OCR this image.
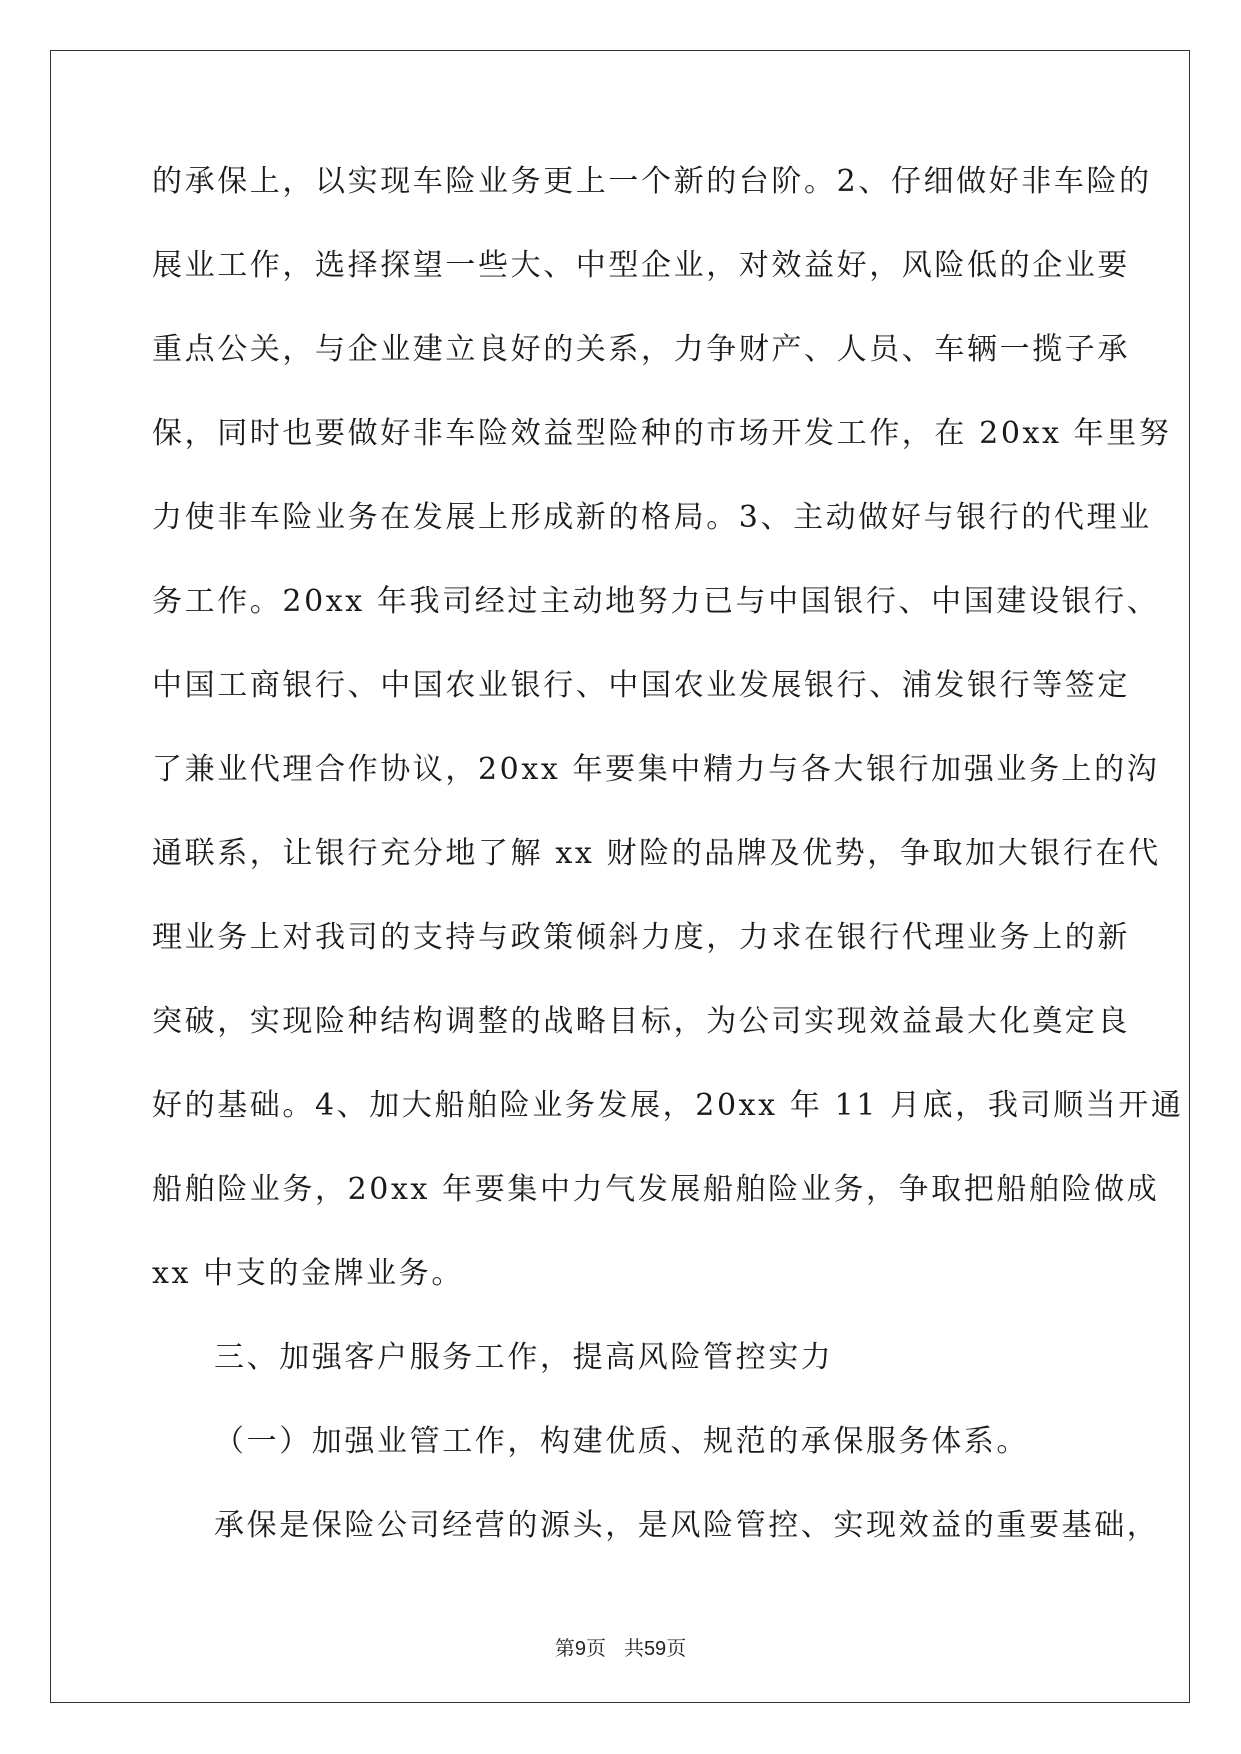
的承保上，以实现车险业务更上一个新的台阶。2、仔细做好非车险的
展业工作，选择探望一些大、中型企业，对效益好，风险低的企业要
重点公关，与企业建立良好的关系，力争财产、人员、车辆一揽子承
保，同时也要做好非车险效益型险种的市场开发工作，在 20xx 年里努
力使非车险业务在发展上形成新的格局。3、主动做好与银行的代理业
务工作。20xx 年我司经过主动地努力已与中国银行、中国建设银行、
中国工商银行、中国农业银行、中国农业发展银行、浦发银行等签定
了兼业代理合作协议，20xx 年要集中精力与各大银行加强业务上的沟
通联系，让银行充分地了解 xx 财险的品牌及优势，争取加大银行在代
理业务上对我司的支持与政策倾斜力度，力求在银行代理业务上的新
突破，实现险种结构调整的战略目标，为公司实现效益最大化奠定良
好的基础。4、加大船舶险业务发展，20xx 年 11 月底，我司顺当开通
船舶险业务，20xx 年要集中力气发展船舶险业务，争取把船舶险做成
xx 中支的金牌业务。
三、加强客户服务工作，提高风险管控实力
（一）加强业管工作，构建优质、规范的承保服务体系。
承保是保险公司经营的源头，是风险管控、实现效益的重要基础，
第9页 共59页
